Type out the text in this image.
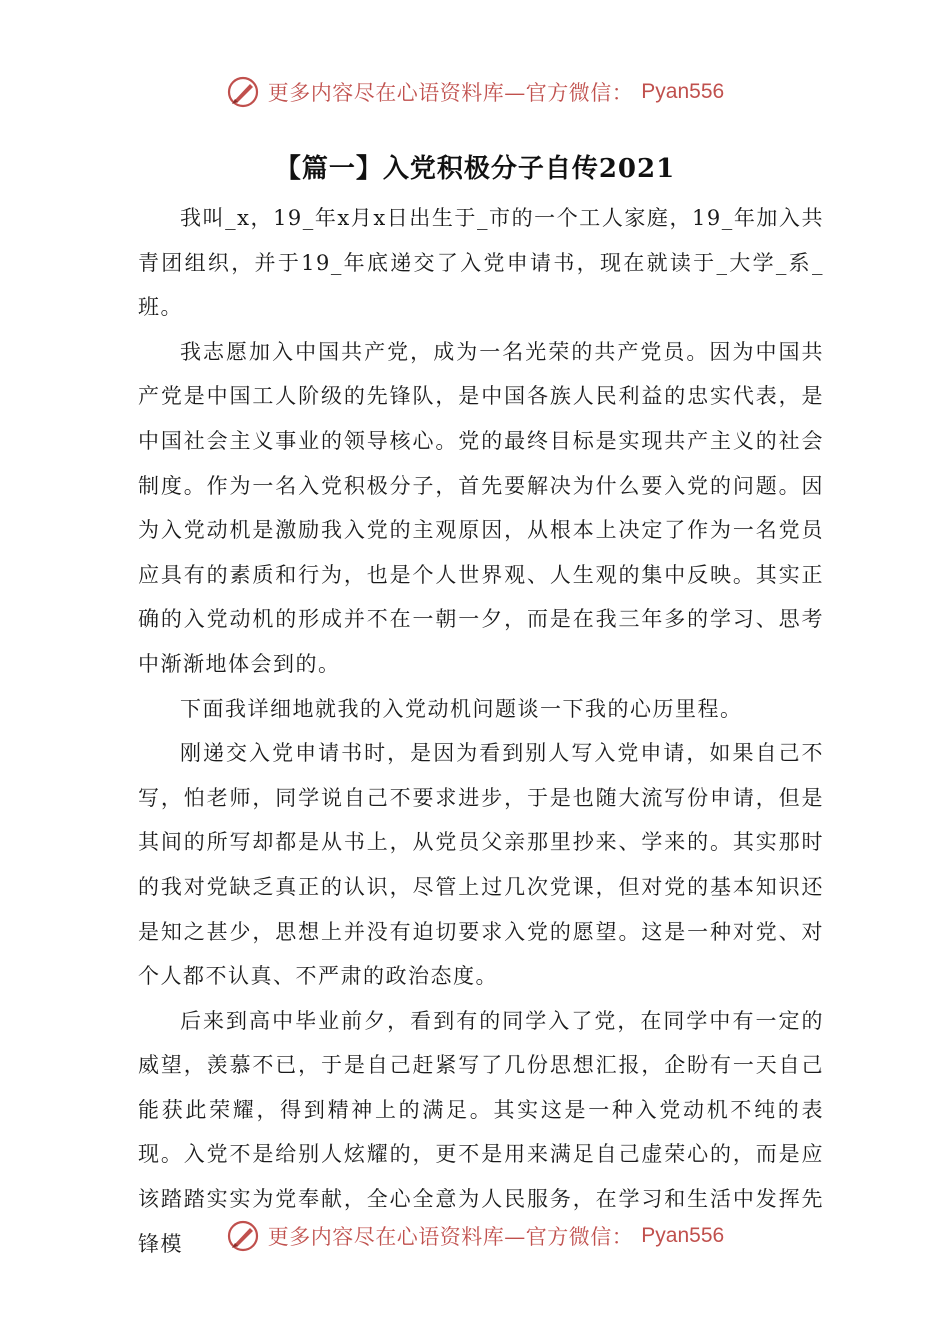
更多内容尽在心语资料库—官方微信： Pyan556
【篇一】入党积极分子自传2021

我叫_x，19_年x月x日出生于_市的一个工人家庭，19_年加入共青团组织，并于19_年底递交了入党申请书，现在就读于_大学_系_班。

我志愿加入中国共产党，成为一名光荣的共产党员。因为中国共产党是中国工人阶级的先锋队，是中国各族人民利益的忠实代表，是中国社会主义事业的领导核心。党的最终目标是实现共产主义的社会制度。作为一名入党积极分子，首先要解决为什么要入党的问题。因为入党动机是激励我入党的主观原因，从根本上决定了作为一名党员应具有的素质和行为，也是个人世界观、人生观的集中反映。其实正确的入党动机的形成并不在一朝一夕，而是在我三年多的学习、思考中渐渐地体会到的。

下面我详细地就我的入党动机问题谈一下我的心历里程。

刚递交入党申请书时，是因为看到别人写入党申请，如果自己不写，怕老师，同学说自己不要求进步，于是也随大流写份申请，但是其间的所写却都是从书上，从党员父亲那里抄来、学来的。其实那时的我对党缺乏真正的认识，尽管上过几次党课，但对党的基本知识还是知之甚少，思想上并没有迫切要求入党的愿望。这是一种对党、对个人都不认真、不严肃的政治态度。

后来到高中毕业前夕，看到有的同学入了党，在同学中有一定的威望，羡慕不已，于是自己赶紧写了几份思想汇报，企盼有一天自己能获此荣耀，得到精神上的满足。其实这是一种入党动机不纯的表现。入党不是给别人炫耀的，更不是用来满足自己虚荣心的，而是应该踏踏实实为党奉献，全心全意为人民服务，在学习和生活中发挥先锋模	更多内容尽在心语资料库—官方微信： Pyan556
